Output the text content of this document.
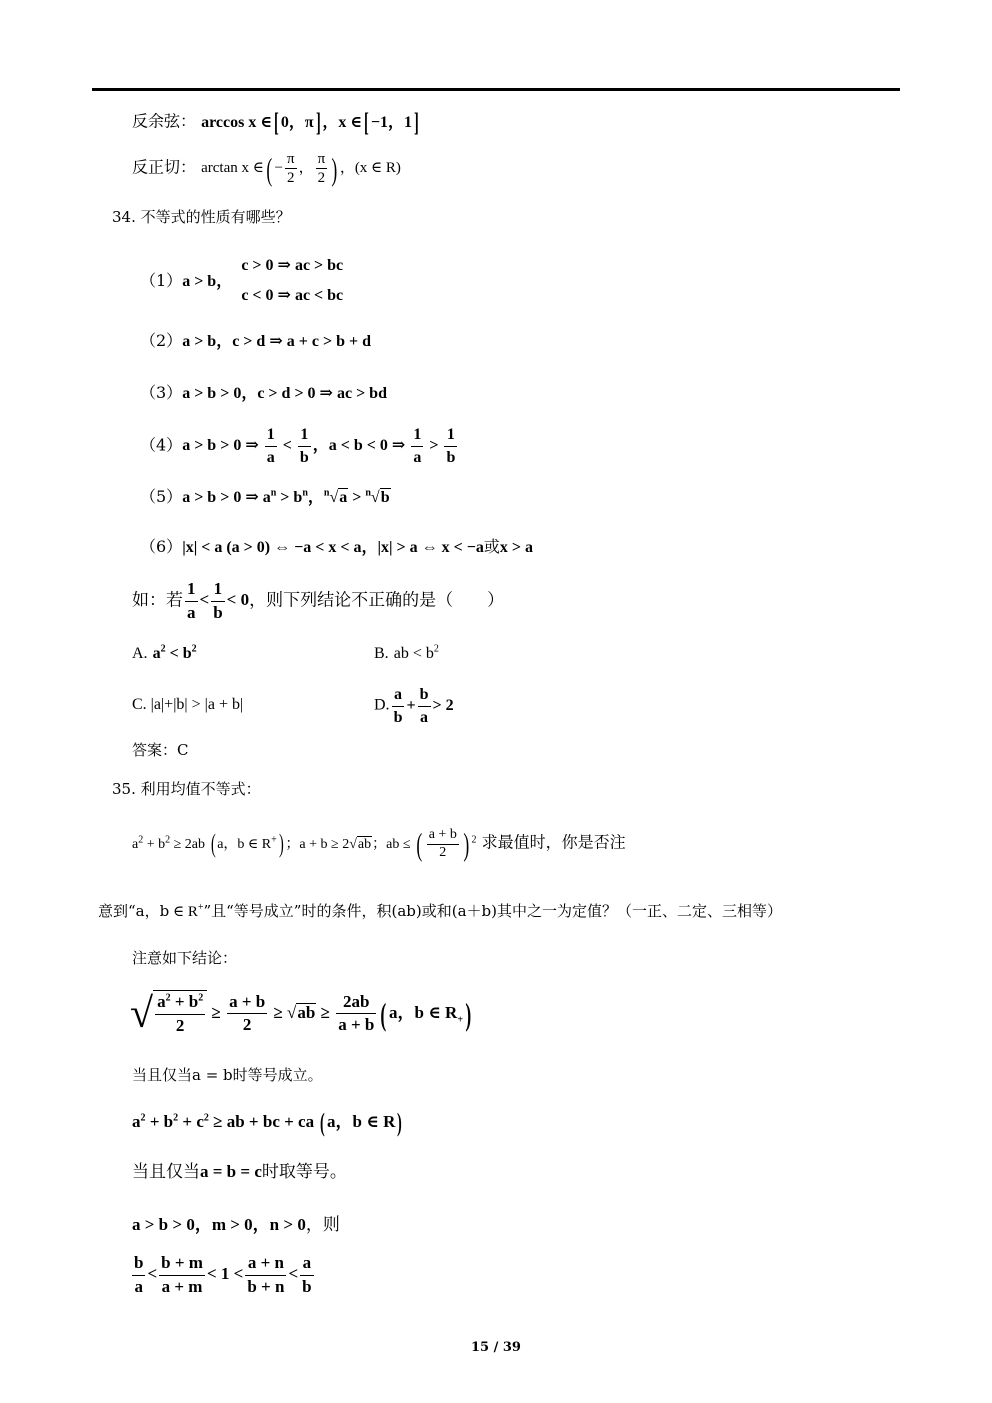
反余弦： arccos x ∈[ 0，π] ，x ∈[ −1，1]
反正切： arctan x ∈( − $\frac{\pi}{2}$ ， $\frac{\pi}{2}$ ) ，(x ∈ R)
34. 不等式的性质有哪些？
（1）a > b， c > 0 ⇒ ac > bc
c < 0 ⇒ ac < bc
（2）a > b，c > d ⇒ a + c > b + d
（3）a > b > 0，c > d > 0 ⇒ ac > bd
（4）a > b > 0 ⇒ $\frac{1}{a} < \frac{1}{b}$ ，a < b < 0 ⇒ $\frac{1}{a} > \frac{1}{b}$
（5）a > b > 0 ⇒ $a^n > b^n$，$^n$√a > $^n$√b
（6）|x| < a (a > 0) ⇔ −a < x < a，|x| > a ⇔ x < −a或x > a
如：若 $\frac{1}{a} < \frac{1}{b} < 0$，则下列结论不正确的是（　　）
A. $a^2 < b^2$	B. ab < $b^2$
C. |a|+|b| > |a + b|	D. $\frac{a}{b} + \frac{b}{a} > 2$
答案：C
35. 利用均值不等式：
$a^2 + b^2 \ge 2ab$ ( a，b ∈ R+) ；a + b ≥ 2√ab；ab ≤ ( $\frac{a + b}{2}$ ) $^2$ 求最值时，你是否注
意到“a，b ∈ R+”且“等号成立”时的条件，积(ab)或和(a＋b)其中之一为定值？（一正、二定、三相等）
注意如下结论：
√ $\frac{a^2 + b^2}{2} \ge \frac{a + b}{2} \ge √ab \ge \frac{2ab}{a + b}$ ( a，b ∈ $R_+$)
当且仅当a = b时等号成立。
$a^2 + b^2 + c^2$ ≥ ab + bc + ca ( a，b ∈ R)
当且仅当a = b = c时取等号。
a > b > 0，m > 0，n > 0，则
$\frac{b}{a} < \frac{b + m}{a + m} < 1 < \frac{a + n}{b + n} < \frac{a}{b}$
15 / 39
